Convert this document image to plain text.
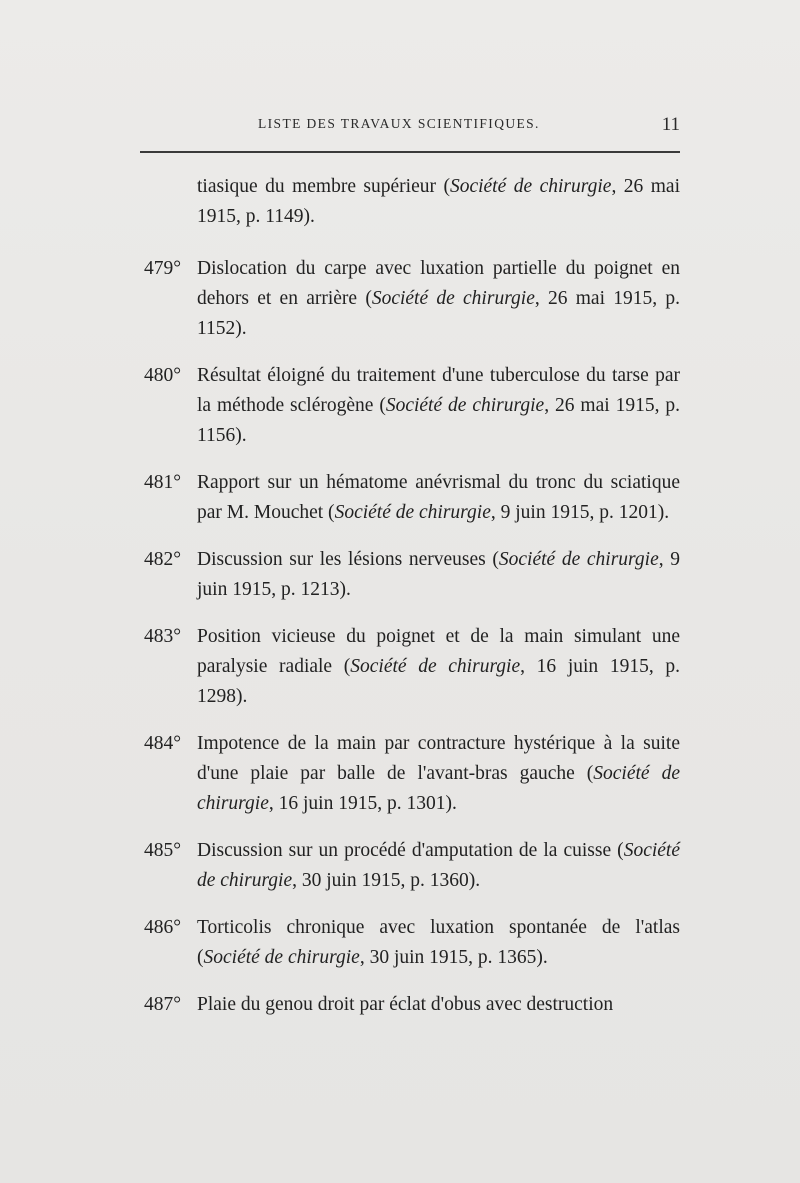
LISTE DES TRAVAUX SCIENTIFIQUES.	11
tiasique du membre supérieur (Société de chirurgie, 26 mai 1915, p. 1149).
479° Dislocation du carpe avec luxation partielle du poignet en dehors et en arrière (Société de chirurgie, 26 mai 1915, p. 1152).
480° Résultat éloigné du traitement d'une tuberculose du tarse par la méthode sclérogène (Société de chirurgie, 26 mai 1915, p. 1156).
481° Rapport sur un hématome anévrismal du tronc du sciatique par M. Mouchet (Société de chirurgie, 9 juin 1915, p. 1201).
482° Discussion sur les lésions nerveuses (Société de chirurgie, 9 juin 1915, p. 1213).
483° Position vicieuse du poignet et de la main simulant une paralysie radiale (Société de chirurgie, 16 juin 1915, p. 1298).
484° Impotence de la main par contracture hystérique à la suite d'une plaie par balle de l'avant-bras gauche (Société de chirurgie, 16 juin 1915, p. 1301).
485° Discussion sur un procédé d'amputation de la cuisse (Société de chirurgie, 30 juin 1915, p. 1360).
486° Torticolis chronique avec luxation spontanée de l'atlas (Société de chirurgie, 30 juin 1915, p. 1365).
487° Plaie du genou droit par éclat d'obus avec destruction
